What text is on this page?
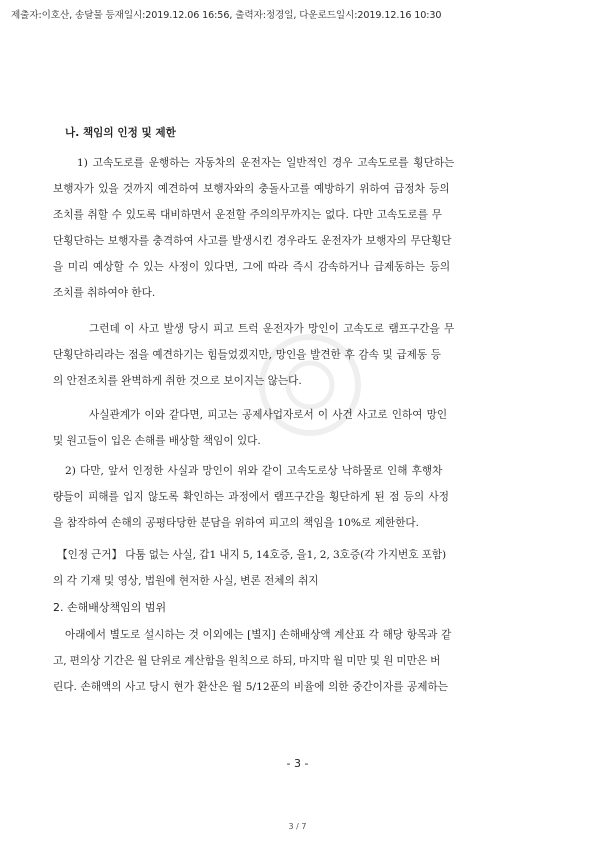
제출자:이호산, 송달물 등재일시:2019.12.06 16:56, 출력자:정경일, 다운로드일시:2019.12.16 10:30
나. 책임의 인정 및 제한
1) 고속도로를 운행하는 자동차의 운전자는 일반적인 경우 고속도로를 횡단하는
보행자가 있을 것까지 예견하여 보행자와의 충돌사고를 예방하기 위하여 급정차 등의
조치를 취할 수 있도록 대비하면서 운전할 주의의무까지는 없다. 다만 고속도로를 무
단횡단하는 보행자를 충격하여 사고를 발생시킨 경우라도 운전자가 보행자의 무단횡단
을 미리 예상할 수 있는 사정이 있다면, 그에 따라 즉시 감속하거나 급제동하는 등의
조치를 취하여야 한다.
그런데 이 사고 발생 당시 피고 트럭 운전자가 망인이 고속도로 램프구간을 무
단횡단하리라는 점을 예견하기는 힘들었겠지만, 망인을 발견한 후 감속 및 급제동 등
의 안전조치를 완벽하게 취한 것으로 보이지는 않는다.
사실관계가 이와 같다면, 피고는 공제사업자로서 이 사건 사고로 인하여 망인
및 원고들이 입은 손해를 배상할 책임이 있다.
2) 다만, 앞서 인정한 사실과 망인이 위와 같이 고속도로상 낙하물로 인해 후행차
량들이 피해를 입지 않도록 확인하는 과정에서 램프구간을 횡단하게 된 점 등의 사정
을 참작하여 손해의 공평타당한 분담을 위하여 피고의 책임을 10%로 제한한다.
【인정 근거】 다툼 없는 사실, 갑1 내지 5, 14호증, 을1, 2, 3호증(각 가지번호 포함)
의 각 기재 및 영상, 법원에 현저한 사실, 변론 전체의 취지
2. 손해배상책임의 범위
아래에서 별도로 설시하는 것 이외에는 [별지] 손해배상액 계산표 각 해당 항목과 같
고, 편의상 기간은 월 단위로 계산함을 원칙으로 하되, 마지막 월 미만 및 원 미만은 버
린다. 손해액의 사고 당시 현가 환산은 월 5/12푼의 비율에 의한 중간이자를 공제하는
- 3 -
3 / 7
